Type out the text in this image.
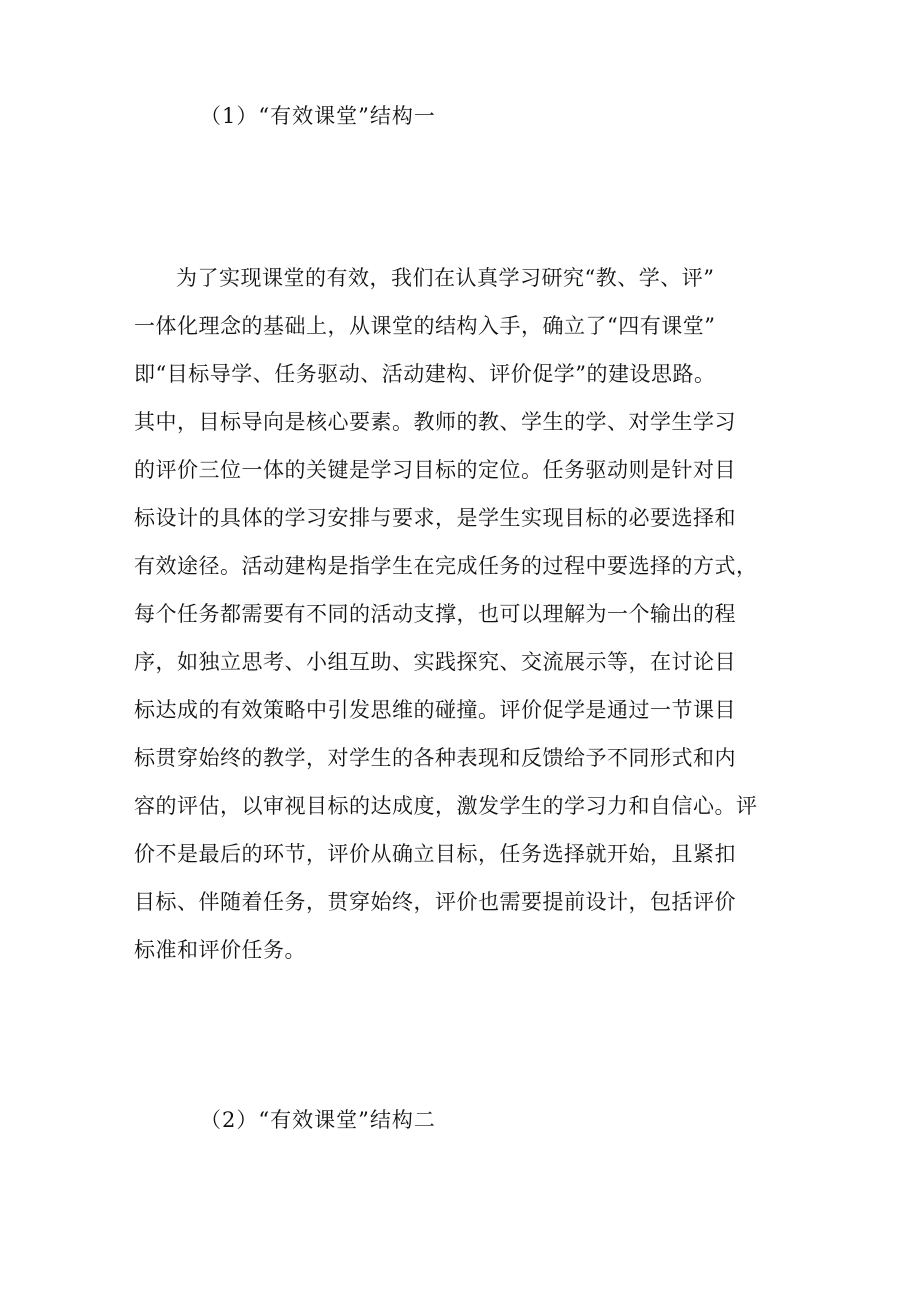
（1）“有效课堂”结构一
为了实现课堂的有效，我们在认真学习研究“教、学、评”
一体化理念的基础上，从课堂的结构入手，确立了“四有课堂”
即“目标导学、任务驱动、活动建构、评价促学”的建设思路。
其中，目标导向是核心要素。教师的教、学生的学、对学生学习
的评价三位一体的关键是学习目标的定位。任务驱动则是针对目
标设计的具体的学习安排与要求，是学生实现目标的必要选择和
有效途径。活动建构是指学生在完成任务的过程中要选择的方式，
每个任务都需要有不同的活动支撑，也可以理解为一个输出的程
序，如独立思考、小组互助、实践探究、交流展示等，在讨论目
标达成的有效策略中引发思维的碰撞。评价促学是通过一节课目
标贯穿始终的教学，对学生的各种表现和反馈给予不同形式和内
容的评估，以审视目标的达成度，激发学生的学习力和自信心。评
价不是最后的环节，评价从确立目标，任务选择就开始，且紧扣
目标、伴随着任务，贯穿始终，评价也需要提前设计，包括评价
标准和评价任务。
（2）“有效课堂”结构二
